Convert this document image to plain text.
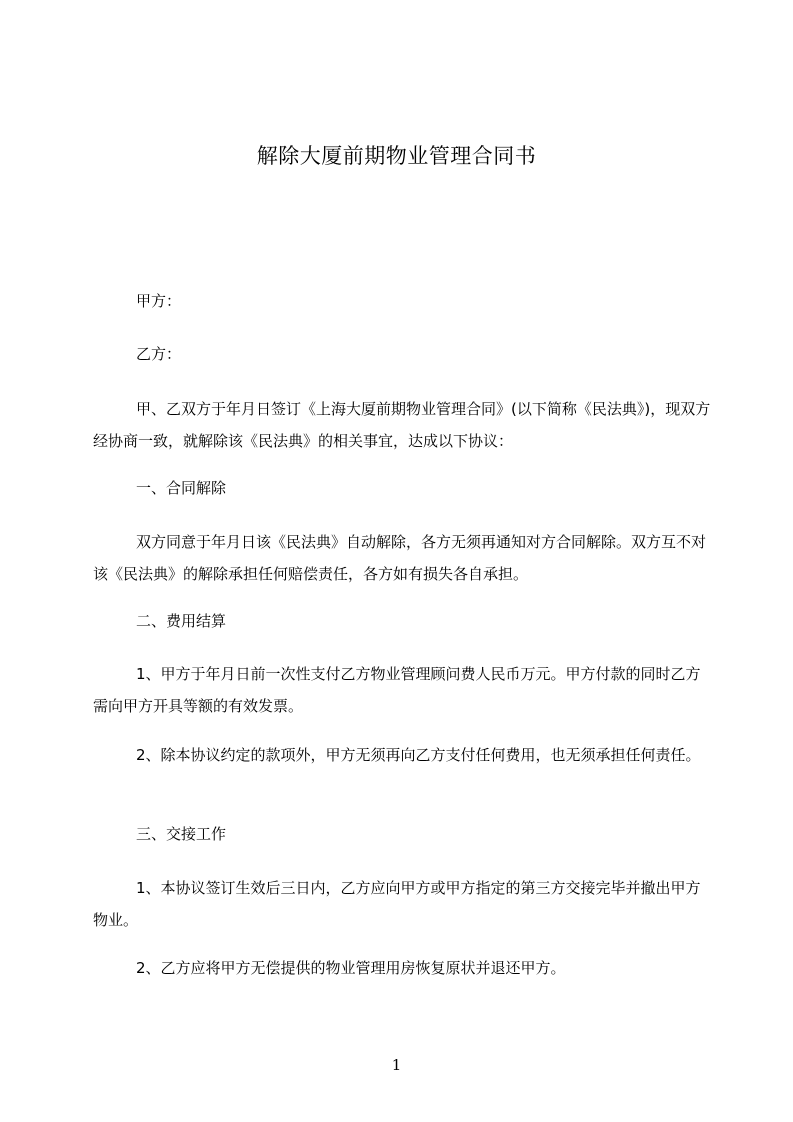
解除大厦前期物业管理合同书
甲方：
乙方：
甲、乙双方于年月日签订《上海大厦前期物业管理合同》(以下简称《民法典》)，现双方经协商一致，就解除该《民法典》的相关事宜，达成以下协议：
一、合同解除
双方同意于年月日该《民法典》自动解除，各方无须再通知对方合同解除。双方互不对该《民法典》的解除承担任何赔偿责任，各方如有损失各自承担。
二、费用结算
1、甲方于年月日前一次性支付乙方物业管理顾问费人民币万元。甲方付款的同时乙方需向甲方开具等额的有效发票。
2、除本协议约定的款项外，甲方无须再向乙方支付任何费用，也无须承担任何责任。
三、交接工作
1、本协议签订生效后三日内，乙方应向甲方或甲方指定的第三方交接完毕并撤出甲方物业。
2、乙方应将甲方无偿提供的物业管理用房恢复原状并退还甲方。
1
